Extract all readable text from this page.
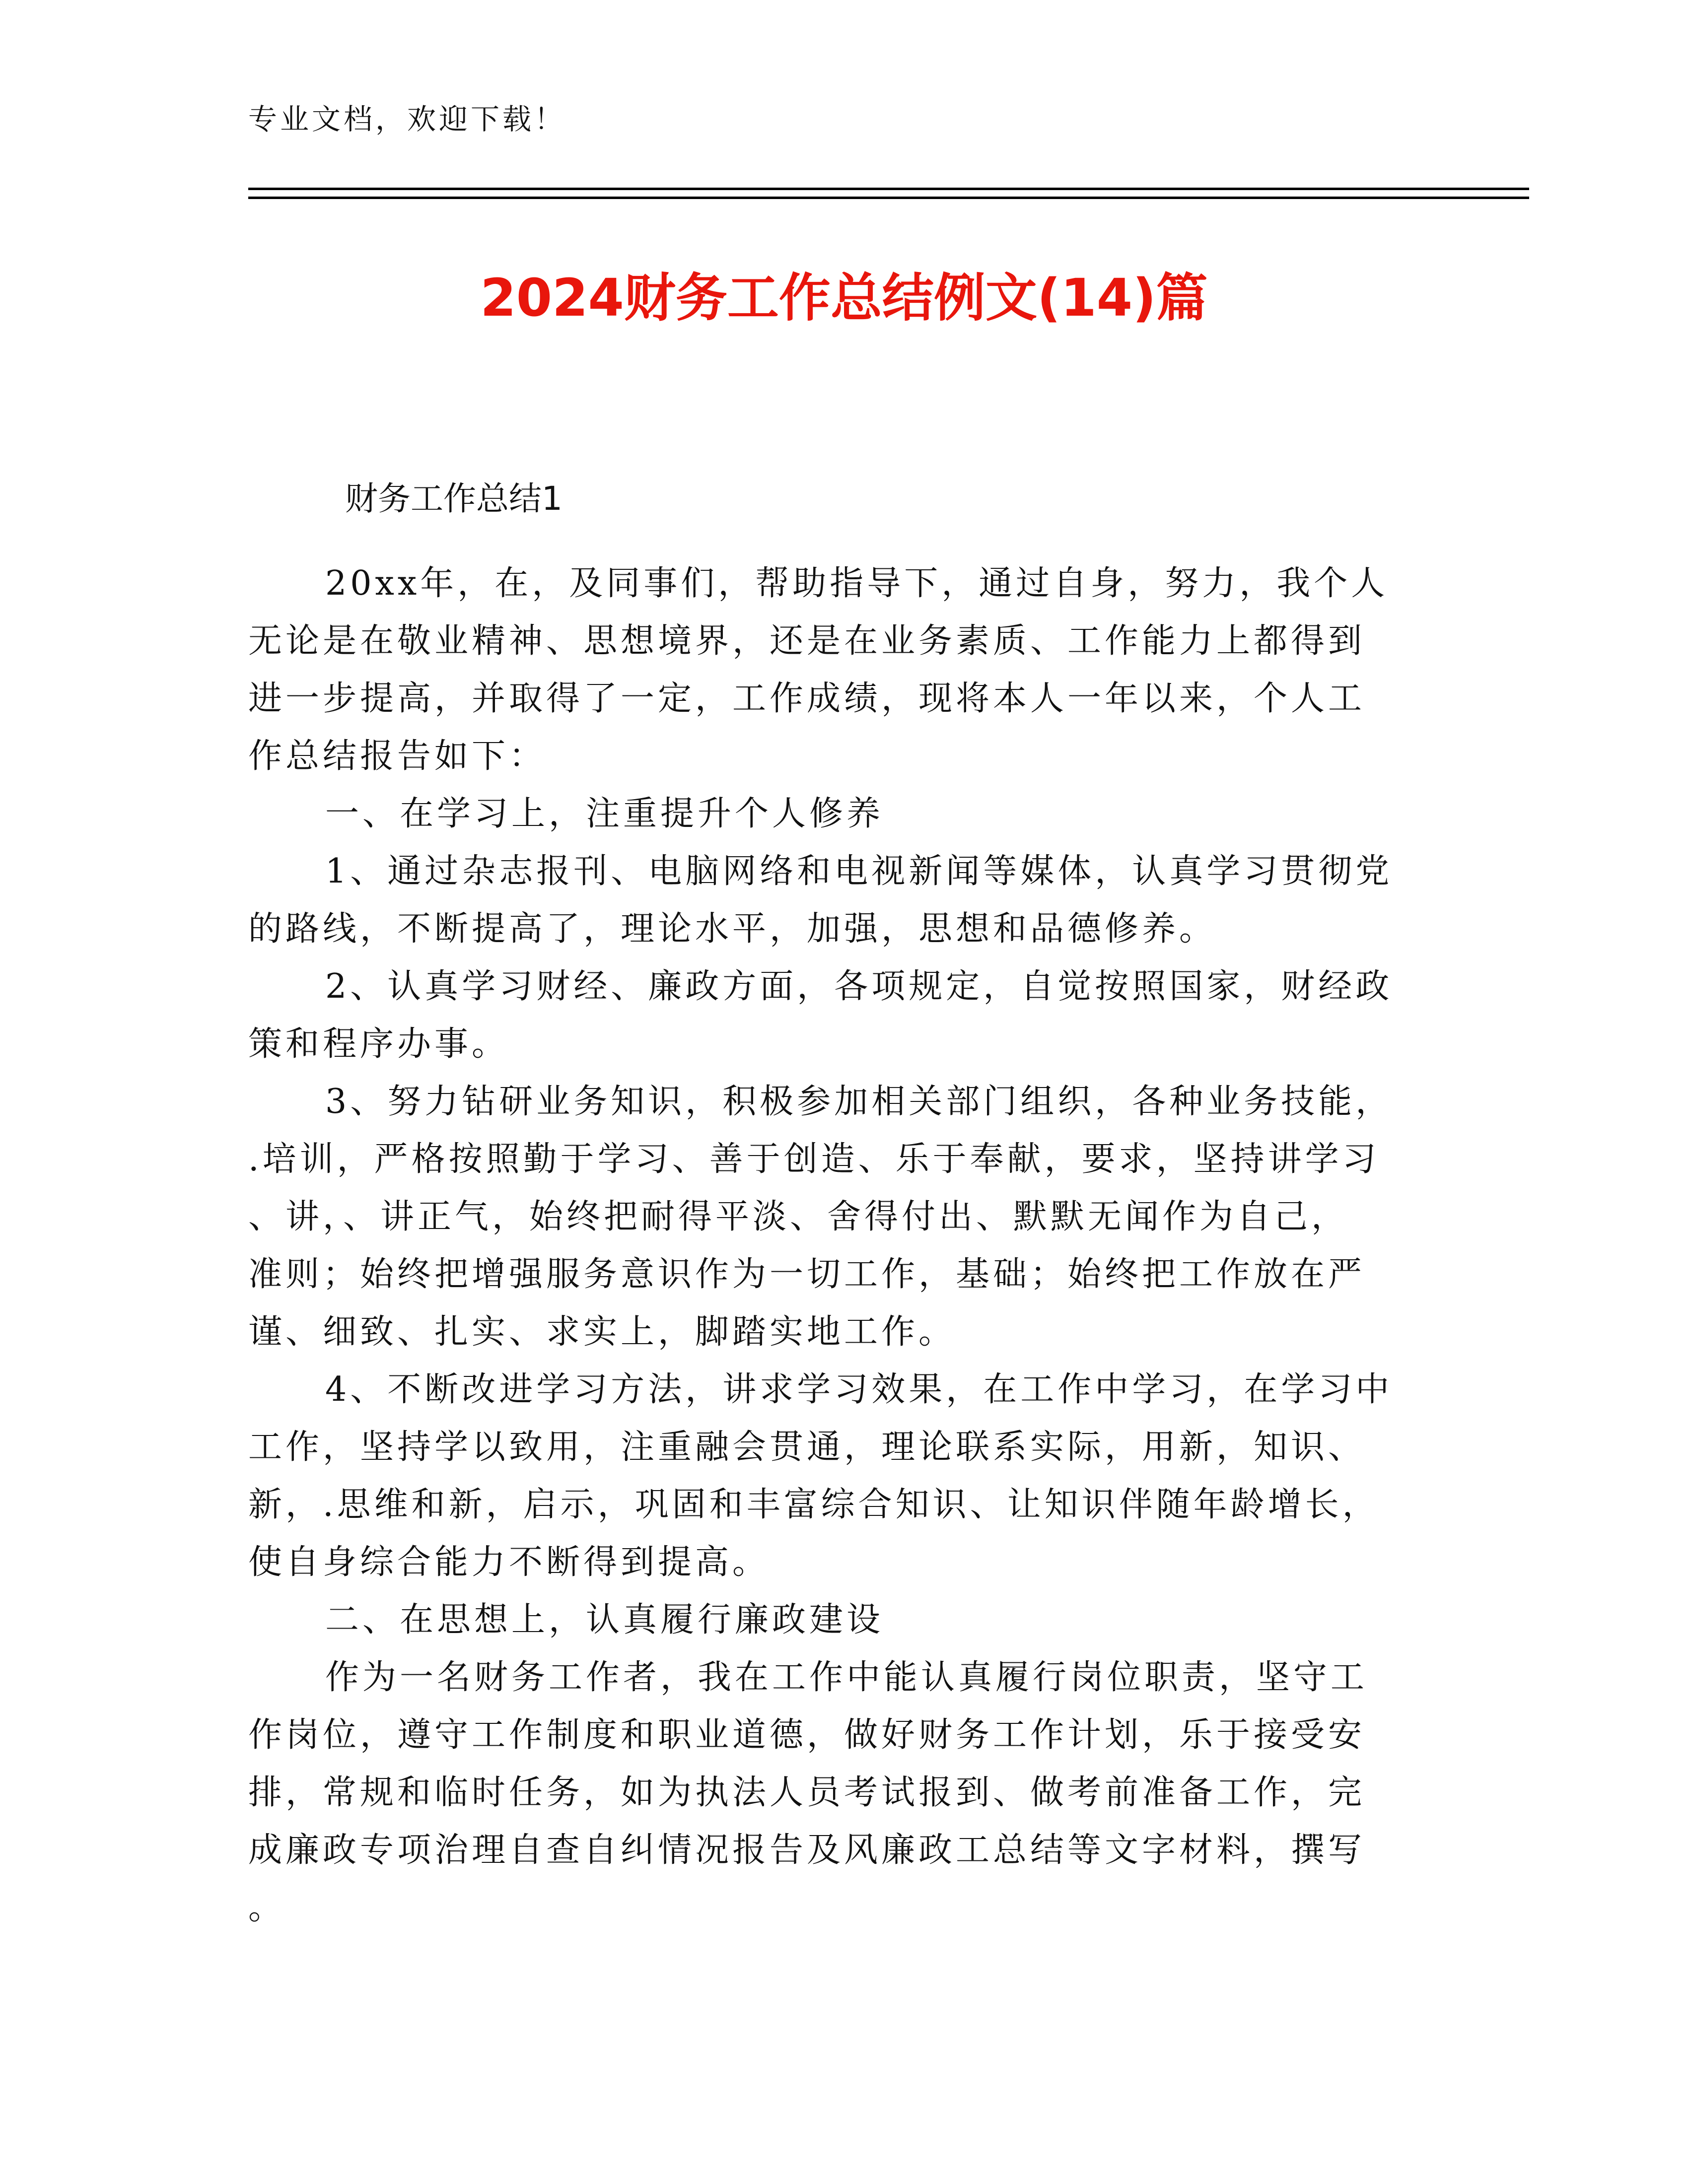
专业文档，欢迎下载！
2024财务工作总结例文(14)篇
财务工作总结1
20xx年，在，及同事们，帮助指导下，通过自身，努力，我个人
无论是在敬业精神、思想境界，还是在业务素质、工作能力上都得到
进一步提高，并取得了一定，工作成绩，现将本人一年以来，个人工
作总结报告如下：
一、在学习上，注重提升个人修养
1、通过杂志报刊、电脑网络和电视新闻等媒体，认真学习贯彻党
的路线，不断提高了，理论水平，加强，思想和品德修养。
2、认真学习财经、廉政方面，各项规定，自觉按照国家，财经政
策和程序办事。
3、努力钻研业务知识，积极参加相关部门组织，各种业务技能，
.培训，严格按照勤于学习、善于创造、乐于奉献，要求，坚持讲学习
、讲，、讲正气，始终把耐得平淡、舍得付出、默默无闻作为自己，
准则；始终把增强服务意识作为一切工作，基础；始终把工作放在严
谨、细致、扎实、求实上，脚踏实地工作。
4、不断改进学习方法，讲求学习效果，在工作中学习，在学习中
工作，坚持学以致用，注重融会贯通，理论联系实际，用新，知识、
新，.思维和新，启示，巩固和丰富综合知识、让知识伴随年龄增长，
使自身综合能力不断得到提高。
二、在思想上，认真履行廉政建设
作为一名财务工作者，我在工作中能认真履行岗位职责，坚守工
作岗位，遵守工作制度和职业道德，做好财务工作计划，乐于接受安
排，常规和临时任务，如为执法人员考试报到、做考前准备工作，完
成廉政专项治理自查自纠情况报告及风廉政工总结等文字材料，撰写
。
